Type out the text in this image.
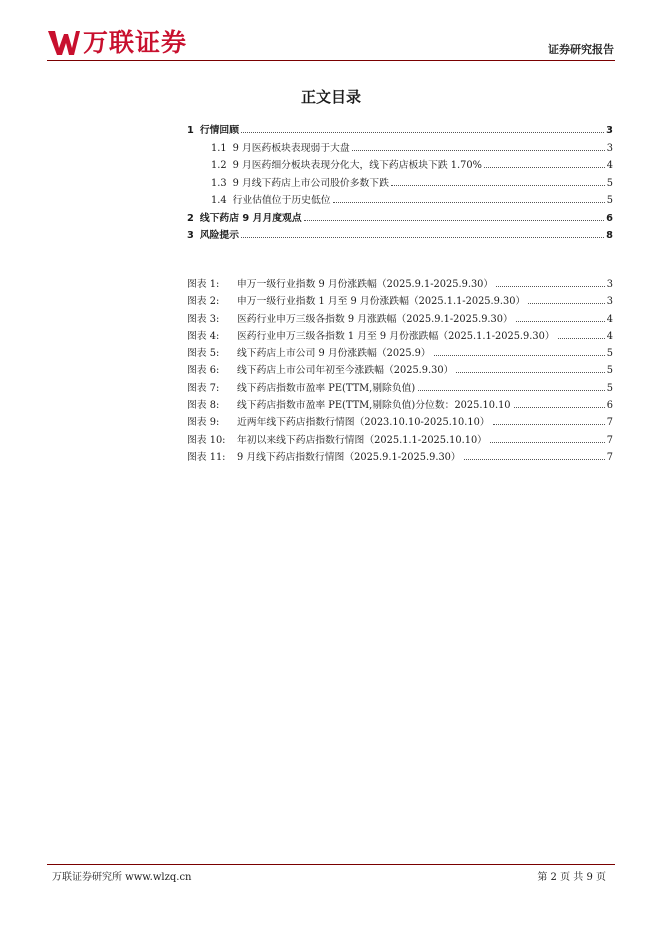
万联证券	证券研究报告
正文目录
1 行情回顾	3
1.1 9 月医药板块表现弱于大盘	3
1.2 9 月医药细分板块表现分化大，线下药店板块下跌 1.70%	4
1.3 9 月线下药店上市公司股价多数下跌	5
1.4 行业估值位于历史低位	5
2 线下药店 9 月月度观点	6
3 风险提示	8
图表 1:	申万一级行业指数 9 月份涨跌幅（2025.9.1-2025.9.30）	3
图表 2:	申万一级行业指数 1 月至 9 月份涨跌幅（2025.1.1-2025.9.30）	3
图表 3:	医药行业申万三级各指数 9 月涨跌幅（2025.9.1-2025.9.30）	4
图表 4:	医药行业申万三级各指数 1 月至 9 月份涨跌幅（2025.1.1-2025.9.30）	4
图表 5:	线下药店上市公司 9 月份涨跌幅（2025.9）	5
图表 6:	线下药店上市公司年初至今涨跌幅（2025.9.30）	5
图表 7:	线下药店指数市盈率 PE(TTM,剔除负值)	5
图表 8:	线下药店指数市盈率 PE(TTM,剔除负值)分位数：2025.10.10	6
图表 9:	近两年线下药店指数行情图（2023.10.10-2025.10.10）	7
图表 10:	年初以来线下药店指数行情图（2025.1.1-2025.10.10）	7
图表 11:	9 月线下药店指数行情图（2025.9.1-2025.9.30）	7
万联证券研究所 www.wlzq.cn	第 2 页 共 9 页
